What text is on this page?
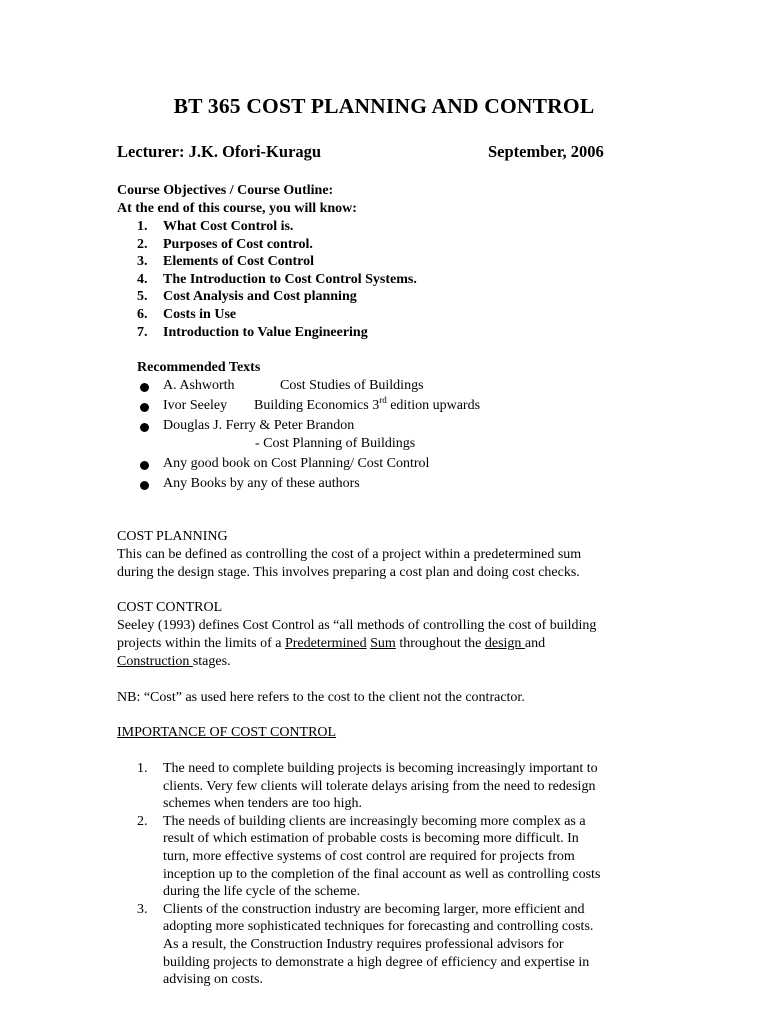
BT 365 COST PLANNING AND CONTROL
Lecturer: J.K. Ofori-Kuragu	September, 2006
Course Objectives / Course Outline:
At the end of this course, you will know:
1. What Cost Control is.
2. Purposes of Cost control.
3. Elements of Cost Control
4. The Introduction to Cost Control Systems.
5. Cost Analysis and Cost planning
6. Costs in Use
7. Introduction to Value Engineering
Recommended Texts
A. Ashworth	Cost Studies of Buildings
Ivor Seeley Building Economics 3rd edition upwards
Douglas J. Ferry & Peter Brandon
- Cost Planning of Buildings
Any good book on Cost Planning/ Cost Control
Any Books by any of these authors
COST PLANNING
This can be defined as controlling the cost of a project within a predetermined sum
during the design stage. This involves preparing a cost plan and doing cost checks.
COST CONTROL
Seeley (1993) defines Cost Control as “all methods of controlling the cost of building
projects within the limits of a Predetermined Sum throughout the design and
Construction stages.
NB: “Cost” as used here refers to the cost to the client not the contractor.
IMPORTANCE OF COST CONTROL
1. The need to complete building projects is becoming increasingly important to
clients. Very few clients will tolerate delays arising from the need to redesign
schemes when tenders are too high.
2. The needs of building clients are increasingly becoming more complex as a
result of which estimation of probable costs is becoming more difficult. In
turn, more effective systems of cost control are required for projects from
inception up to the completion of the final account as well as controlling costs
during the life cycle of the scheme.
3. Clients of the construction industry are becoming larger, more efficient and
adopting more sophisticated techniques for forecasting and controlling costs.
As a result, the Construction Industry requires professional advisors for
building projects to demonstrate a high degree of efficiency and expertise in
advising on costs.
